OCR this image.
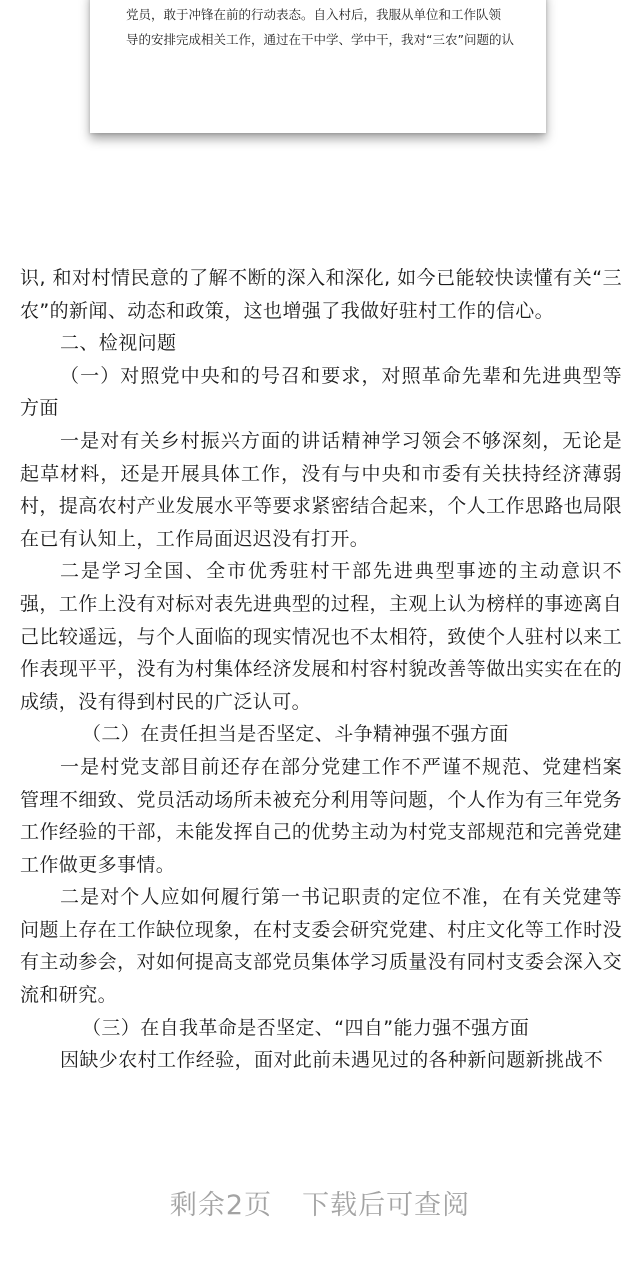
党员，敢于冲锋在前的行动表态。自入村后，我服从单位和工作队领
导的安排完成相关工作，通过在干中学、学中干，我对“三农”问题的认

识, 和对村情民意的了解不断的深入和深化, 如今已能较快读懂有关“三农”的新闻、动态和政策，这也增强了我做好驻村工作的信心。

二、检视问题

（一）对照党中央和的号召和要求，对照革命先辈和先进典型等方面

一是对有关乡村振兴方面的讲话精神学习领会不够深刻，无论是起草材料，还是开展具体工作，没有与中央和市委有关扶持经济薄弱村，提高农村产业发展水平等要求紧密结合起来，个人工作思路也局限在已有认知上，工作局面迟迟没有打开。

二是学习全国、全市优秀驻村干部先进典型事迹的主动意识不强，工作上没有对标对表先进典型的过程，主观上认为榜样的事迹离自己比较遥远，与个人面临的现实情况也不太相符，致使个人驻村以来工作表现平平，没有为村集体经济发展和村容村貌改善等做出实实在在的成绩，没有得到村民的广泛认可。

（二）在责任担当是否坚定、斗争精神强不强方面

一是村党支部目前还存在部分党建工作不严谨不规范、党建档案管理不细致、党员活动场所未被充分利用等问题，个人作为有三年党务工作经验的干部，未能发挥自己的优势主动为村党支部规范和完善党建工作做更多事情。

二是对个人应如何履行第一书记职责的定位不准，在有关党建等问题上存在工作缺位现象，在村支委会研究党建、村庄文化等工作时没有主动参会，对如何提高支部党员集体学习质量没有同村支委会深入交流和研究。

（三）在自我革命是否坚定、“四自”能力强不强方面

因缺少农村工作经验，面对此前未遇见过的各种新问题新挑战不

剩余2页 下载后可查阅
